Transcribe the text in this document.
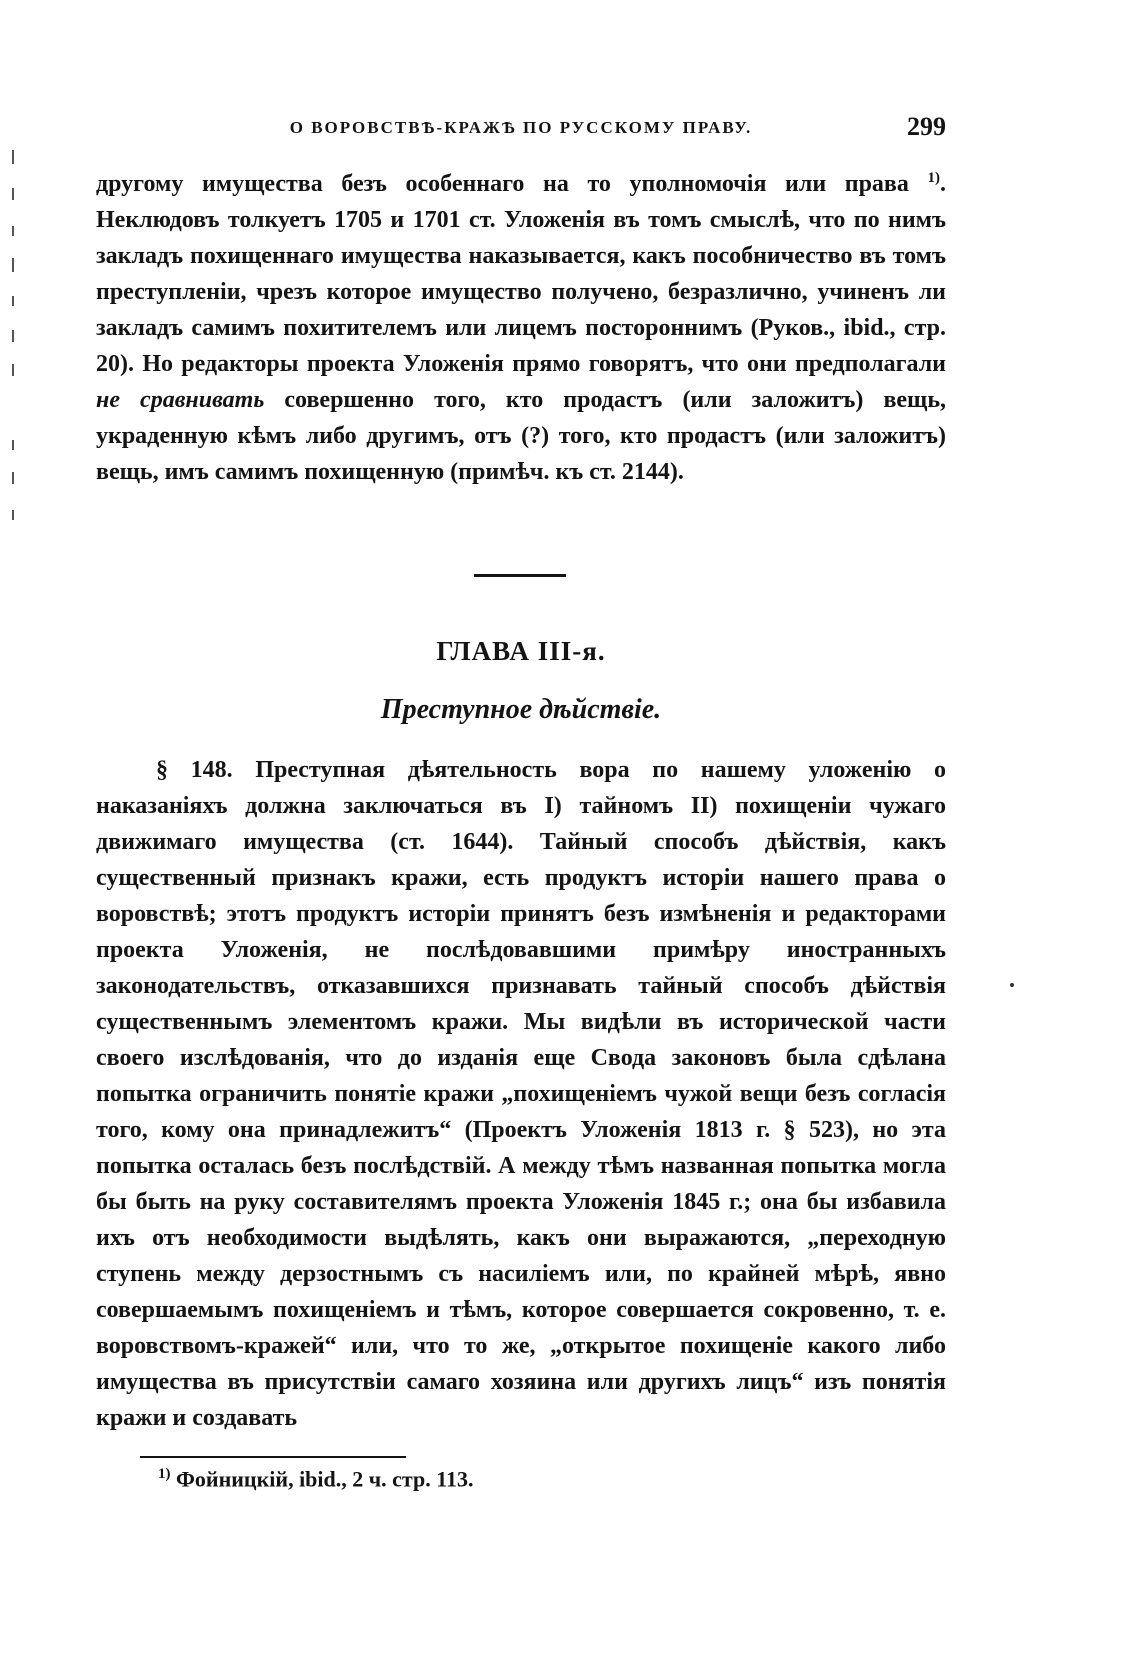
О ВОРОВСТВѢ-КРАЖѢ ПО РУССКОМУ ПРАВУ.	299

другому имущества безъ особеннаго на то уполномочія или права $^{1)}$. Неклюдовъ толкуетъ 1705 и 1701 ст. Уложенія въ томъ смыслѣ, что по нимъ закладъ похищеннаго имущества наказывается, какъ пособничество въ томъ преступленіи, чрезъ которое имущество получено, безразлично, учиненъ ли закладъ самимъ похитителемъ или лицемъ постороннимъ (Руков., ibid., стр. 20). Но редакторы проекта Уложенія прямо говорятъ, что они предполагали не сравнивать совершенно того, кто продастъ (или заложитъ) вещь, украденную кѣмъ либо другимъ, отъ (?) того, кто продастъ (или заложитъ) вещь, имъ самимъ похищенную (примѣч. къ ст. 2144).

ГЛАВА III-я.
Преступное дѣйствіе.

§ 148. Преступная дѣятельность вора по нашему уложенію о наказаніяхъ должна заключаться въ I) тайномъ II) похищеніи чужаго движимаго имущества (ст. 1644). Тайный способъ дѣйствія, какъ существенный признакъ кражи, есть продуктъ исторіи нашего права о воровствѣ; этотъ продуктъ исторіи принятъ безъ измѣненія и редакторами проекта Уложенія, не послѣдовавшими примѣру иностранныхъ законодательствъ, отказавшихся признавать тайный способъ дѣйствія существеннымъ элементомъ кражи. Мы видѣли въ исторической части своего изслѣдованія, что до изданія еще Свода законовъ была сдѣлана попытка ограничить понятіе кражи „похищеніемъ чужой вещи безъ согласія того, кому она принадлежитъ“ (Проектъ Уложенія 1813 г. § 523), но эта попытка осталась безъ послѣдствій. А между тѣмъ названная попытка могла бы быть на руку составителямъ проекта Уложенія 1845 г.; она бы избавила ихъ отъ необходимости выдѣлять, какъ они выражаются, „переходную ступень между дерзостнымъ съ насиліемъ или, по крайней мѣрѣ, явно совершаемымъ похищеніемъ и тѣмъ, которое совершается сокровенно, т. е. воровствомъ-кражей“ или, что то же, „открытое похищеніе какого либо имущества въ присутствіи самаго хозяина или другихъ лицъ“ изъ понятія кражи и создавать

$^{1)}$ Фойницкій, ibid., 2 ч. стр. 113.
